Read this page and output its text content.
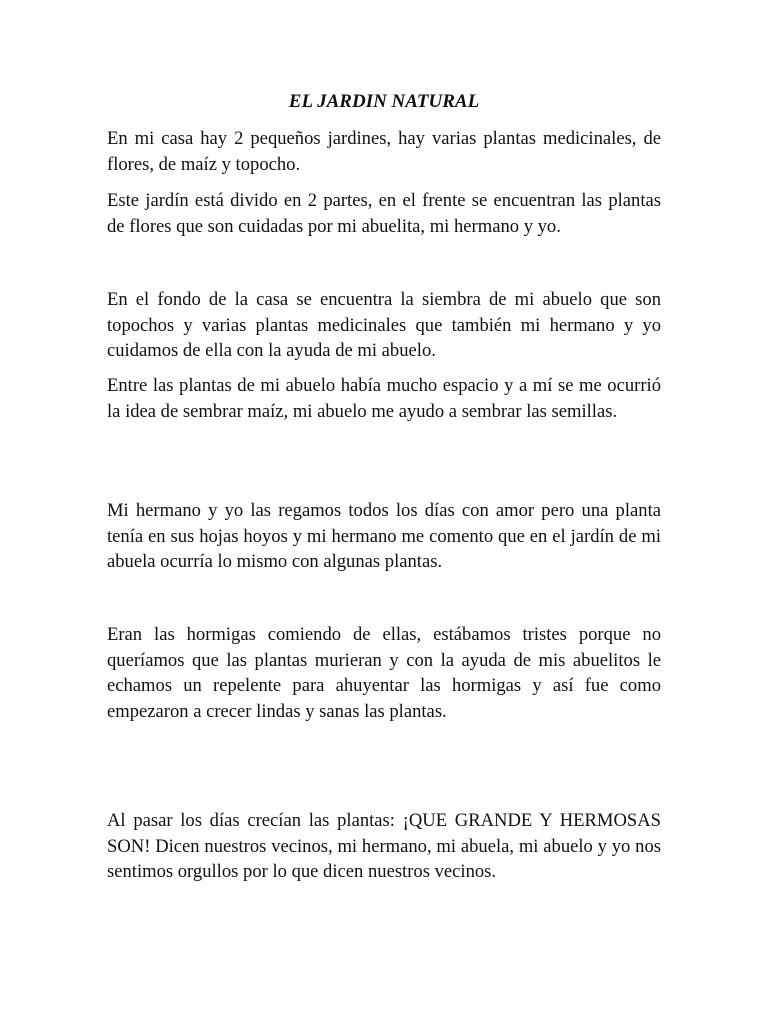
EL JARDIN NATURAL

En mi casa hay 2 pequeños jardines, hay varias plantas medicinales, de flores, de maíz y topocho.

Este jardín está divido en 2 partes, en el frente se encuentran las plantas de flores que son cuidadas por mi abuelita, mi hermano y yo.

En el fondo de la casa se encuentra la siembra de mi abuelo que son topochos y varias plantas medicinales que también mi hermano y yo cuidamos de ella con la ayuda de mi abuelo.

Entre las plantas de mi abuelo había mucho espacio y a mí se me ocurrió la idea de sembrar maíz, mi abuelo me ayudo a sembrar las semillas.

Mi hermano y yo las regamos todos los días con amor pero una planta tenía en sus hojas hoyos y mi hermano me comento que en el jardín de mi abuela ocurría lo mismo con algunas plantas.

Eran las hormigas comiendo de ellas, estábamos tristes porque no queríamos que las plantas murieran y con la ayuda de mis abuelitos le echamos un repelente para ahuyentar las hormigas y así fue como empezaron a crecer lindas y sanas las plantas.

Al pasar los días crecían las plantas: ¡QUE GRANDE Y HERMOSAS SON! Dicen nuestros vecinos, mi hermano, mi abuela, mi abuelo y yo nos sentimos orgullos por lo que dicen nuestros vecinos.
